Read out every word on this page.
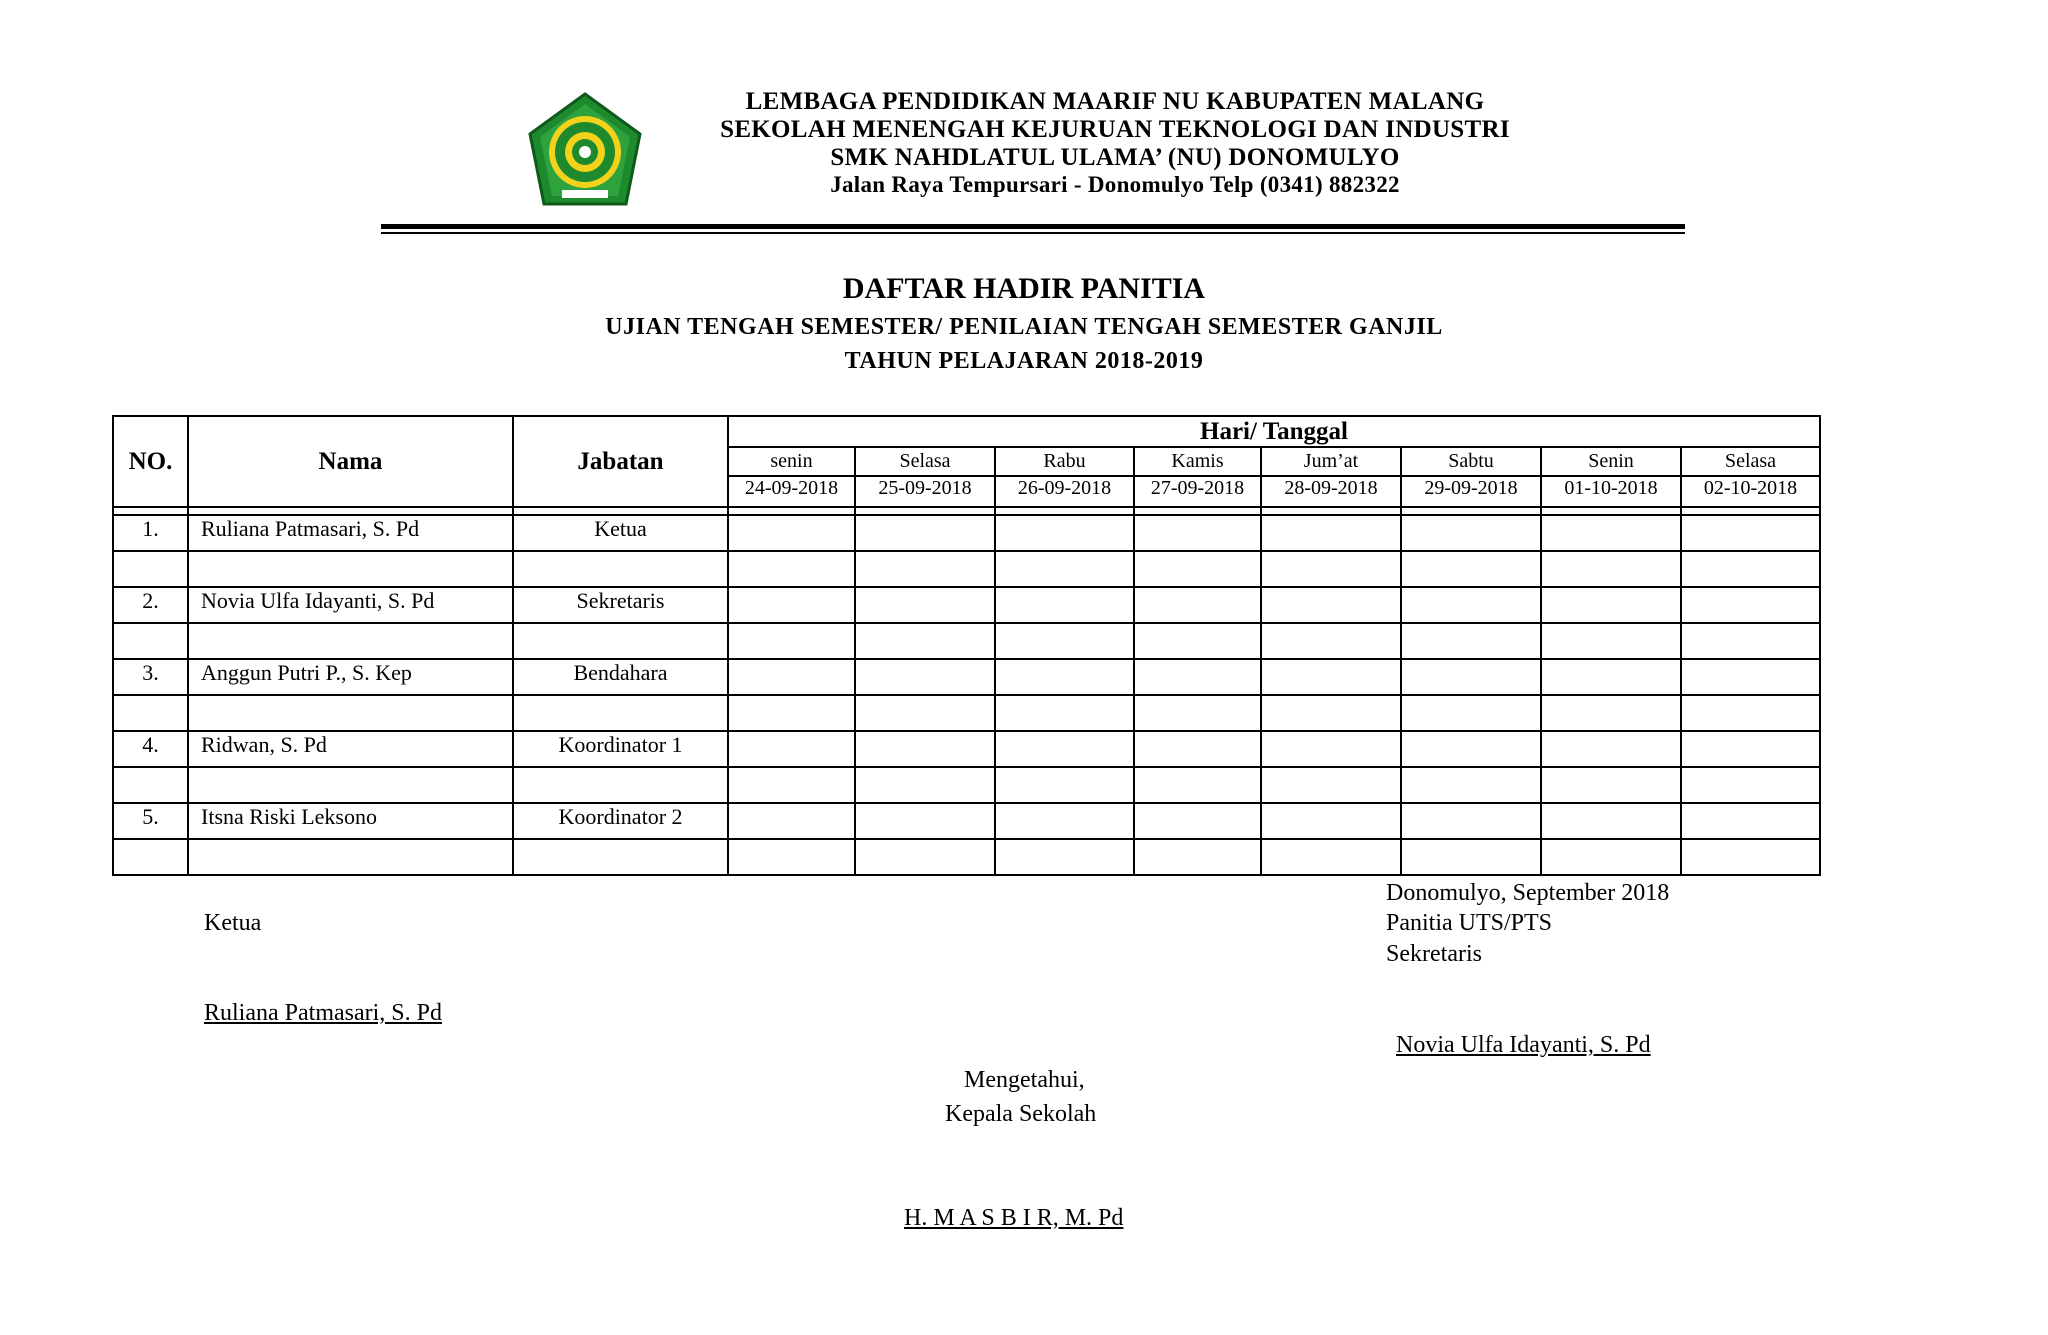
LEMBAGA PENDIDIKAN MAARIF NU KABUPATEN MALANG
SEKOLAH MENENGAH KEJURUAN TEKNOLOGI DAN INDUSTRI
SMK NAHDLATUL ULAMA’ (NU) DONOMULYO
Jalan Raya Tempursari - Donomulyo Telp (0341) 882322
DAFTAR HADIR PANITIA
UJIAN TENGAH SEMESTER/ PENILAIAN TENGAH SEMESTER GANJIL
TAHUN PELAJARAN 2018-2019
NO.	Nama	Jabatan	Hari/ Tanggal							
			senin	Selasa	Rabu	Kamis	Jum’at	Sabtu	Senin	Selasa
			24-09-2018	25-09-2018	26-09-2018	27-09-2018	28-09-2018	29-09-2018	01-10-2018	02-10-2018

1.	Ruliana Patmasari, S. Pd	Ketua								

2.	Novia Ulfa Idayanti, S. Pd	Sekretaris								

3.	Anggun Putri P., S. Kep	Bendahara								

4.	Ridwan, S. Pd	Koordinator 1								

5.	Itsna Riski Leksono	Koordinator 2								

Donomulyo, September 2018
Panitia UTS/PTS
Sekretaris
Novia Ulfa Idayanti, S. Pd
Ketua
Ruliana Patmasari, S. Pd
Mengetahui,
Kepala Sekolah
H. M A S B I R, M. Pd
